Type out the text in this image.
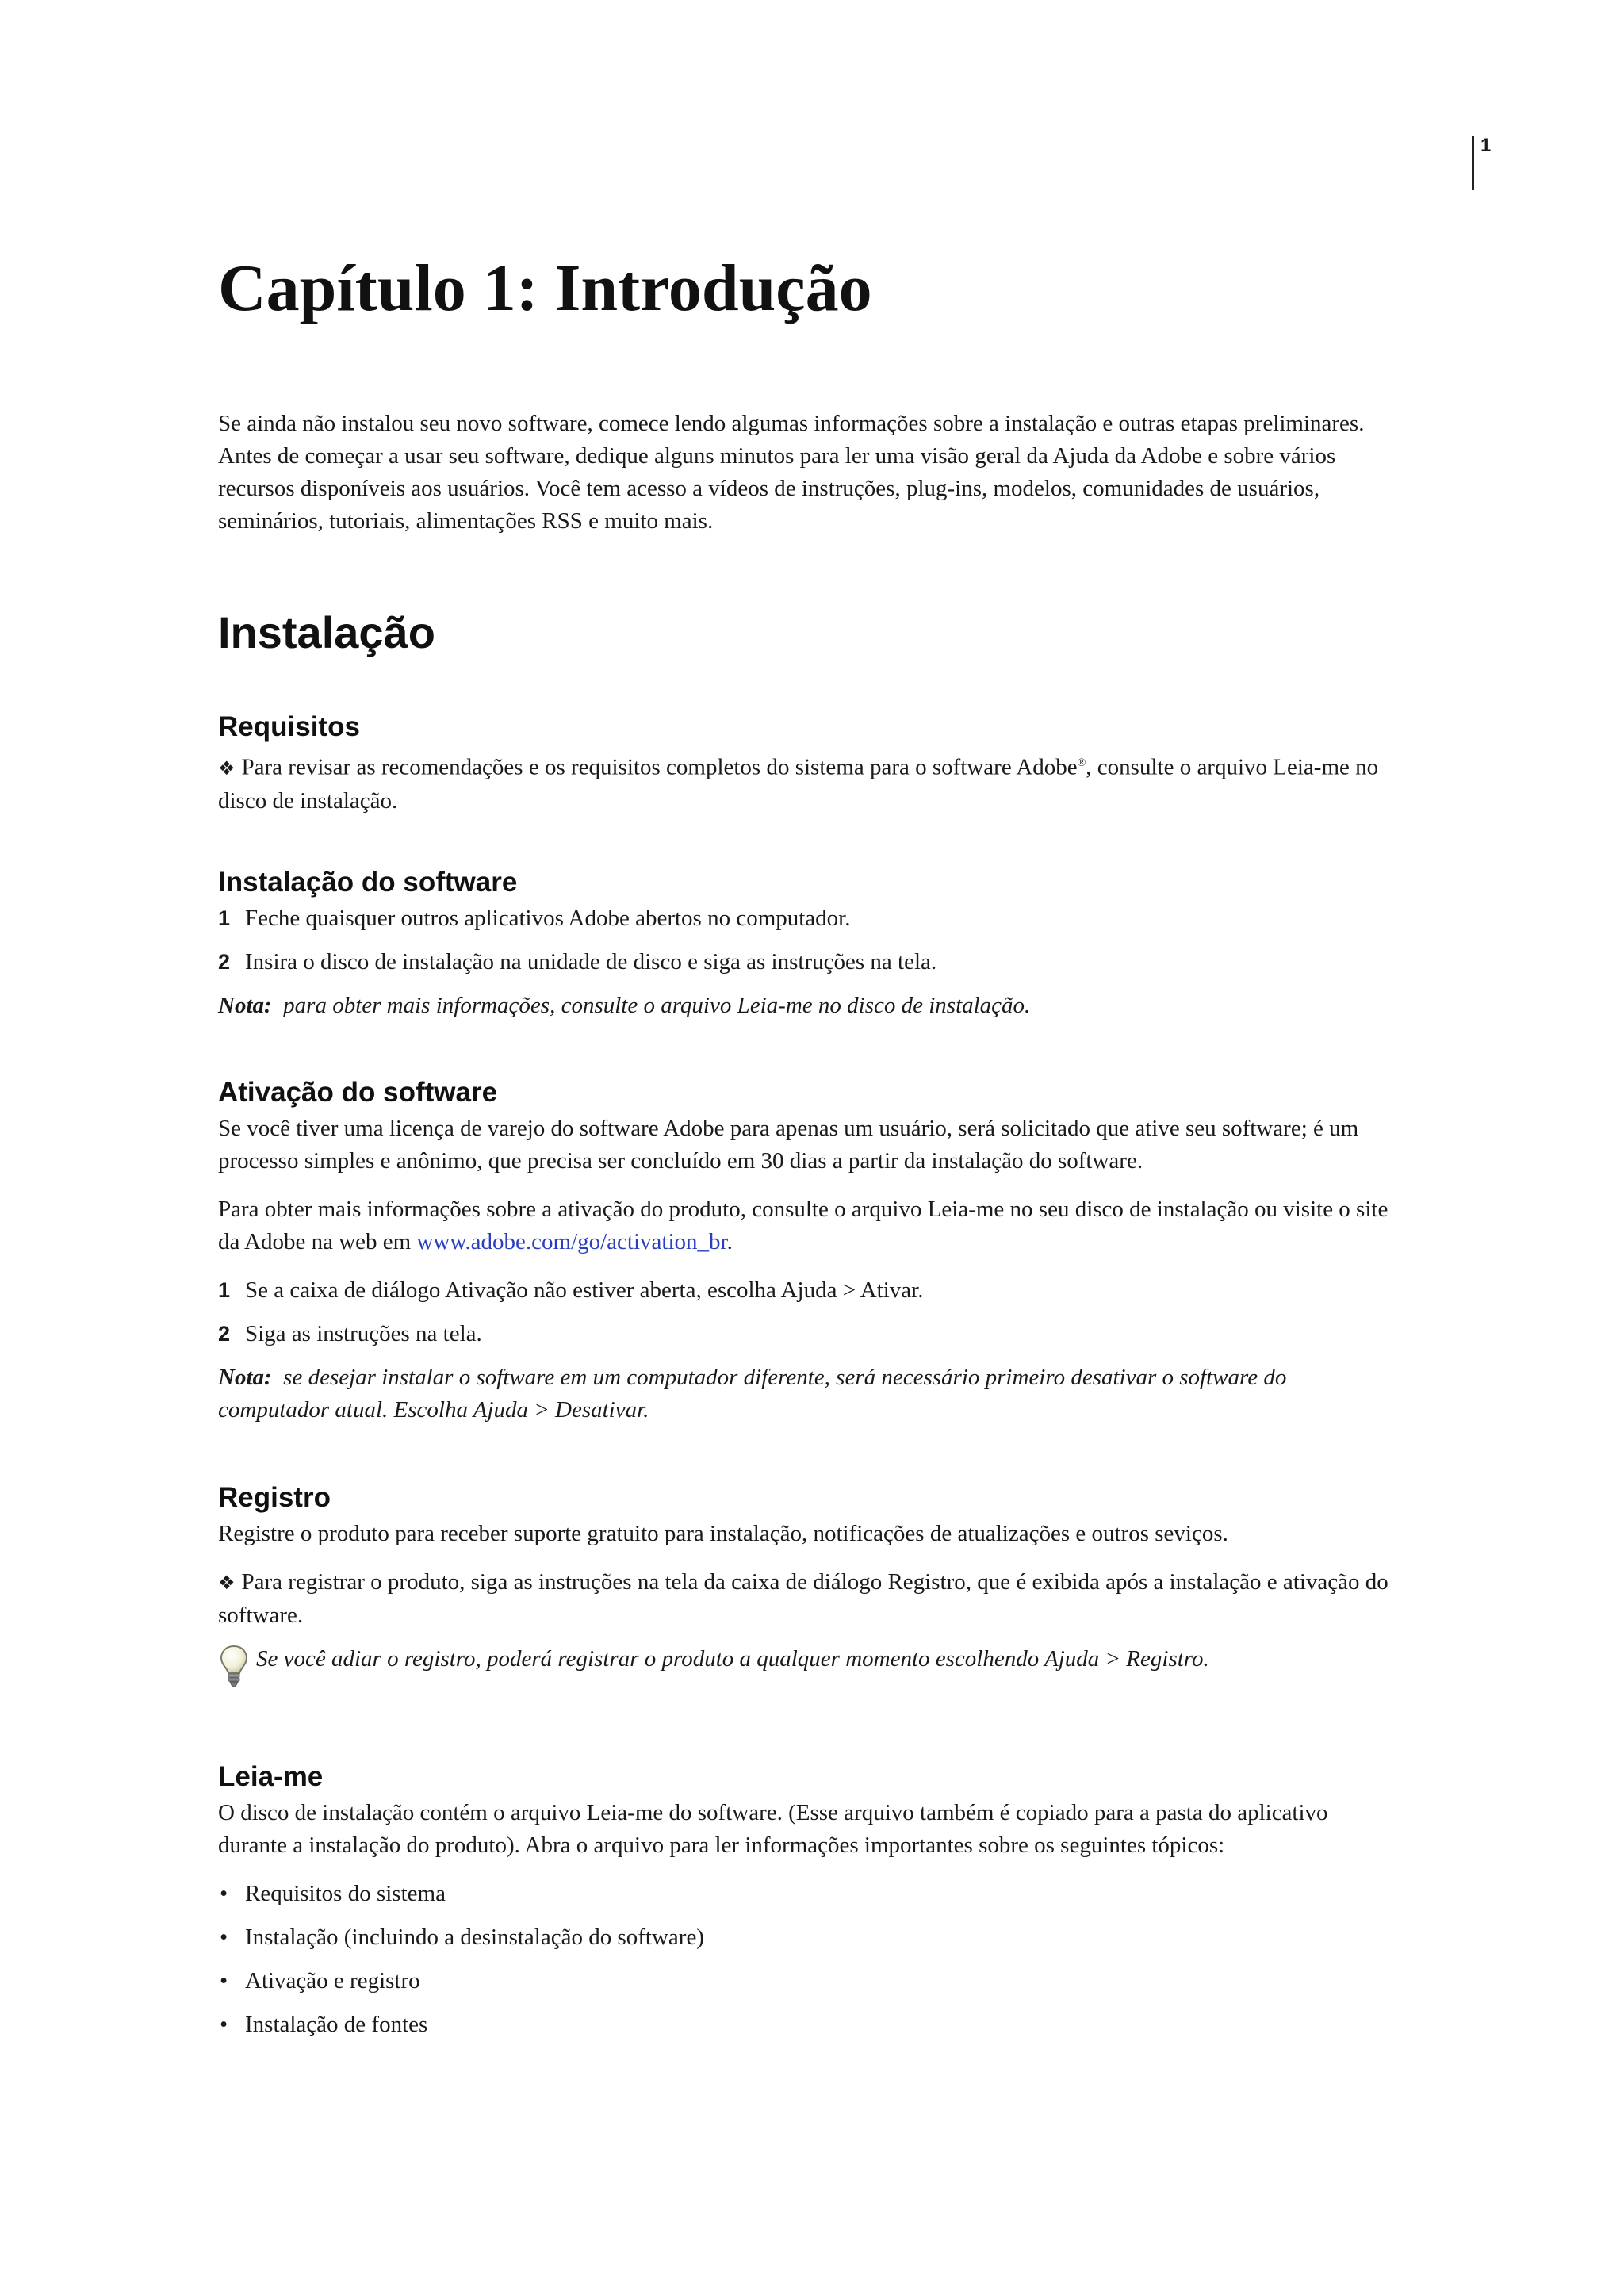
1
Capítulo 1: Introdução

Se ainda não instalou seu novo software, comece lendo algumas informações sobre a instalação e outras etapas preliminares. Antes de começar a usar seu software, dedique alguns minutos para ler uma visão geral da Ajuda da Adobe e sobre vários recursos disponíveis aos usuários. Você tem acesso a vídeos de instruções, plug-ins, modelos, comunidades de usuários, seminários, tutoriais, alimentações RSS e muito mais.

Instalação
Requisitos

❖ Para revisar as recomendações e os requisitos completos do sistema para o software Adobe®, consulte o arquivo Leia-me no disco de instalação.

Instalação do software

1 Feche quaisquer outros aplicativos Adobe abertos no computador.

2 Insira o disco de instalação na unidade de disco e siga as instruções na tela.

Nota: para obter mais informações, consulte o arquivo Leia-me no disco de instalação.

Ativação do software

Se você tiver uma licença de varejo do software Adobe para apenas um usuário, será solicitado que ative seu software; é um processo simples e anônimo, que precisa ser concluído em 30 dias a partir da instalação do software.

Para obter mais informações sobre a ativação do produto, consulte o arquivo Leia-me no seu disco de instalação ou visite o site da Adobe na web em www.adobe.com/go/activation_br.

1 Se a caixa de diálogo Ativação não estiver aberta, escolha Ajuda > Ativar.

2 Siga as instruções na tela.

Nota: se desejar instalar o software em um computador diferente, será necessário primeiro desativar o software do computador atual. Escolha Ajuda > Desativar.

Registro

Registre o produto para receber suporte gratuito para instalação, notificações de atualizações e outros seviços.

❖ Para registrar o produto, siga as instruções na tela da caixa de diálogo Registro, que é exibida após a instalação e ativação do software.

Se você adiar o registro, poderá registrar o produto a qualquer momento escolhendo Ajuda > Registro.

Leia-me

O disco de instalação contém o arquivo Leia-me do software. (Esse arquivo também é copiado para a pasta do aplicativo durante a instalação do produto). Abra o arquivo para ler informações importantes sobre os seguintes tópicos:

• Requisitos do sistema

• Instalação (incluindo a desinstalação do software)

• Ativação e registro

• Instalação de fontes
